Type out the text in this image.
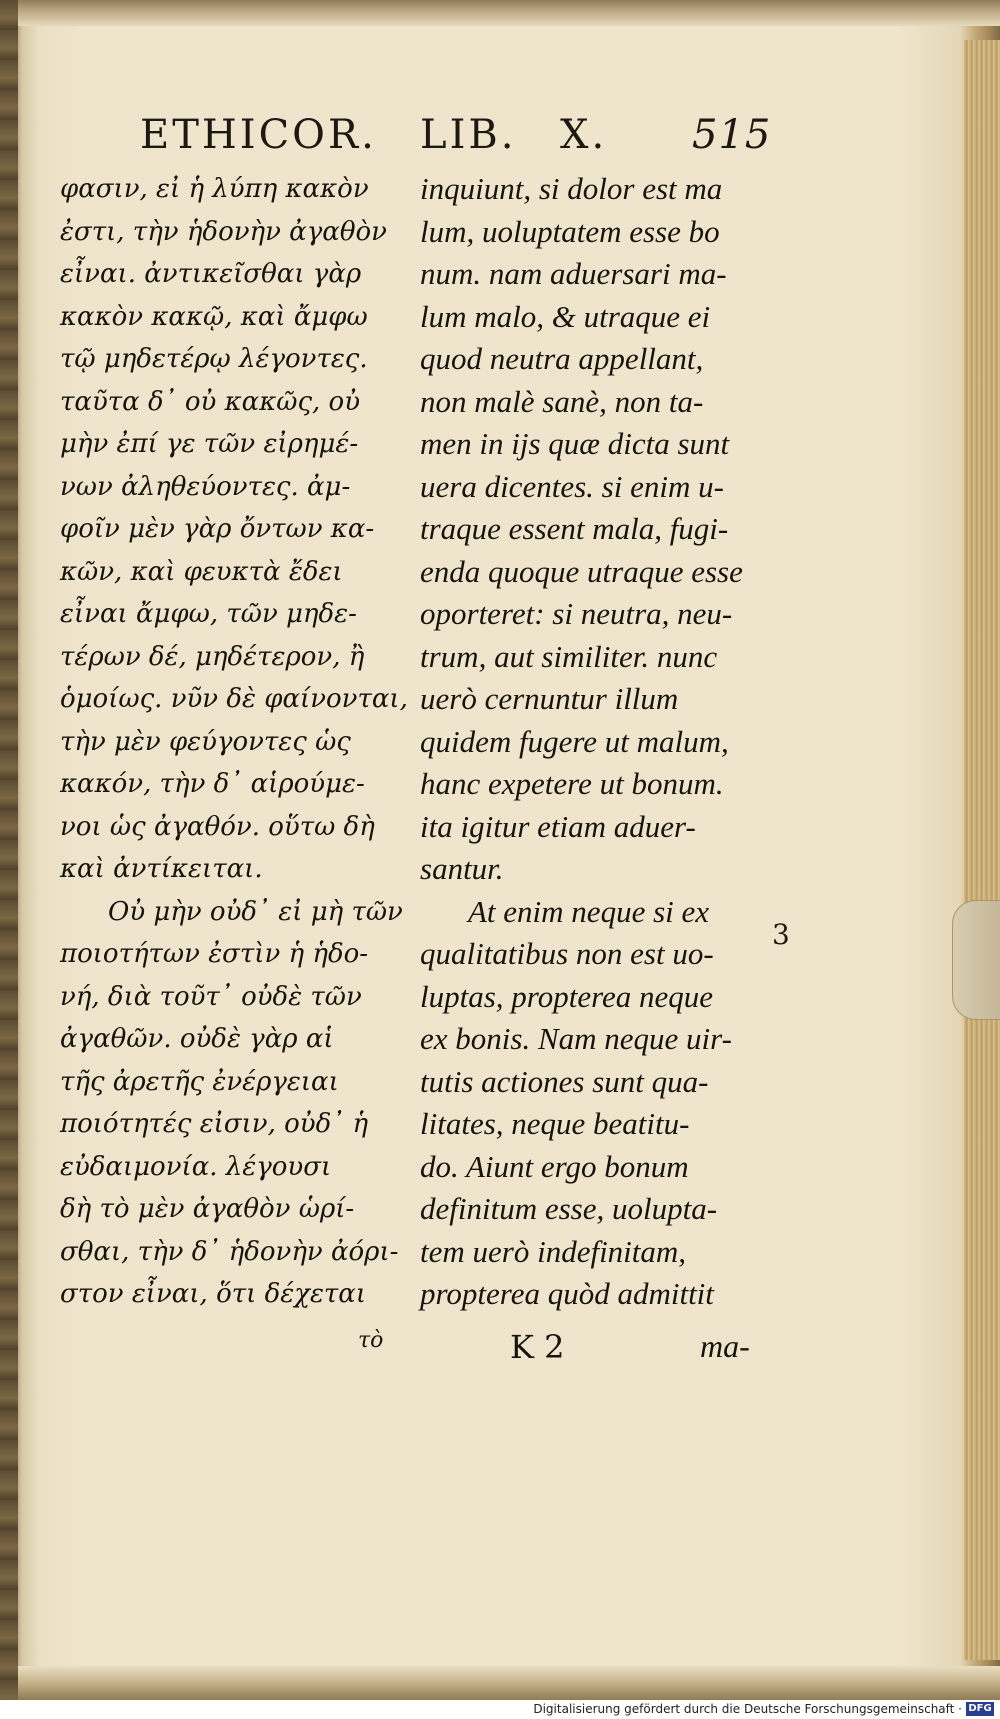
ETHICOR. LIB. X. 515
φασιν, εἰ ἡ λύπη κακὸν
ἐστι, τὴν ἡδονὴν ἀγαθὸν
εἶναι. ἀντικεῖσθαι γὰρ
κακὸν κακῷ, καὶ ἄμφω
τῷ μηδετέρῳ λέγοντες.
ταῦτα δ᾽ οὐ κακῶς, οὐ
μὴν ἐπί γε τῶν εἰρημέ-
νων ἀληθεύοντες. ἀμ-
φοῖν μὲν γὰρ ὄντων κα-
κῶν, καὶ φευκτὰ ἔδει
εἶναι ἄμφω, τῶν μηδε-
τέρων δέ, μηδέτερον, ἢ
ὁμοίως. νῦν δὲ φαίνονται,
τὴν μὲν φεύγοντες ὡς
κακόν, τὴν δ᾽ αἱρούμε-
νοι ὡς ἀγαθόν. οὕτω δὴ
καὶ ἀντίκειται.
Οὐ μὴν οὐδ᾽ εἰ μὴ τῶν
ποιοτήτων ἐστὶν ἡ ἡδο-
νή, διὰ τοῦτ᾽ οὐδὲ τῶν
ἀγαθῶν. οὐδὲ γὰρ αἱ
τῆς ἀρετῆς ἐνέργειαι
ποιότητές εἰσιν, οὐδ᾽ ἡ
εὐδαιμονία. λέγουσι
δὴ τὸ μὲν ἀγαθὸν ὡρί-
σθαι, τὴν δ᾽ ἡδονὴν ἀόρι-
στον εἶναι, ὅτι δέχεται
inquiunt, si dolor est ma
lum, uoluptatem esse bo
num. nam aduersari ma-
lum malo, & utraque ei
quod neutra appellant,
non malè sanè, non ta-
men in ijs quæ dicta sunt
uera dicentes. si enim u-
traque essent mala, fugi-
enda quoque utraque esse
oporteret: si neutra, neu-
trum, aut similiter. nunc
uerò cernuntur illum
quidem fugere ut malum,
hanc expetere ut bonum.
ita igitur etiam aduer-
santur.
At enim neque si ex
qualitatibus non est uo-
luptas, propterea neque
ex bonis. Nam neque uir-
tutis actiones sunt qua-
litates, neque beatitu-
do. Aiunt ergo bonum
definitum esse, uolupta-
tem uerò indefinitam,
propterea quòd admittit
3
τὸ	K 2	ma-
Digitalisierung gefördert durch die Deutsche Forschungsgemeinschaft · DFG
